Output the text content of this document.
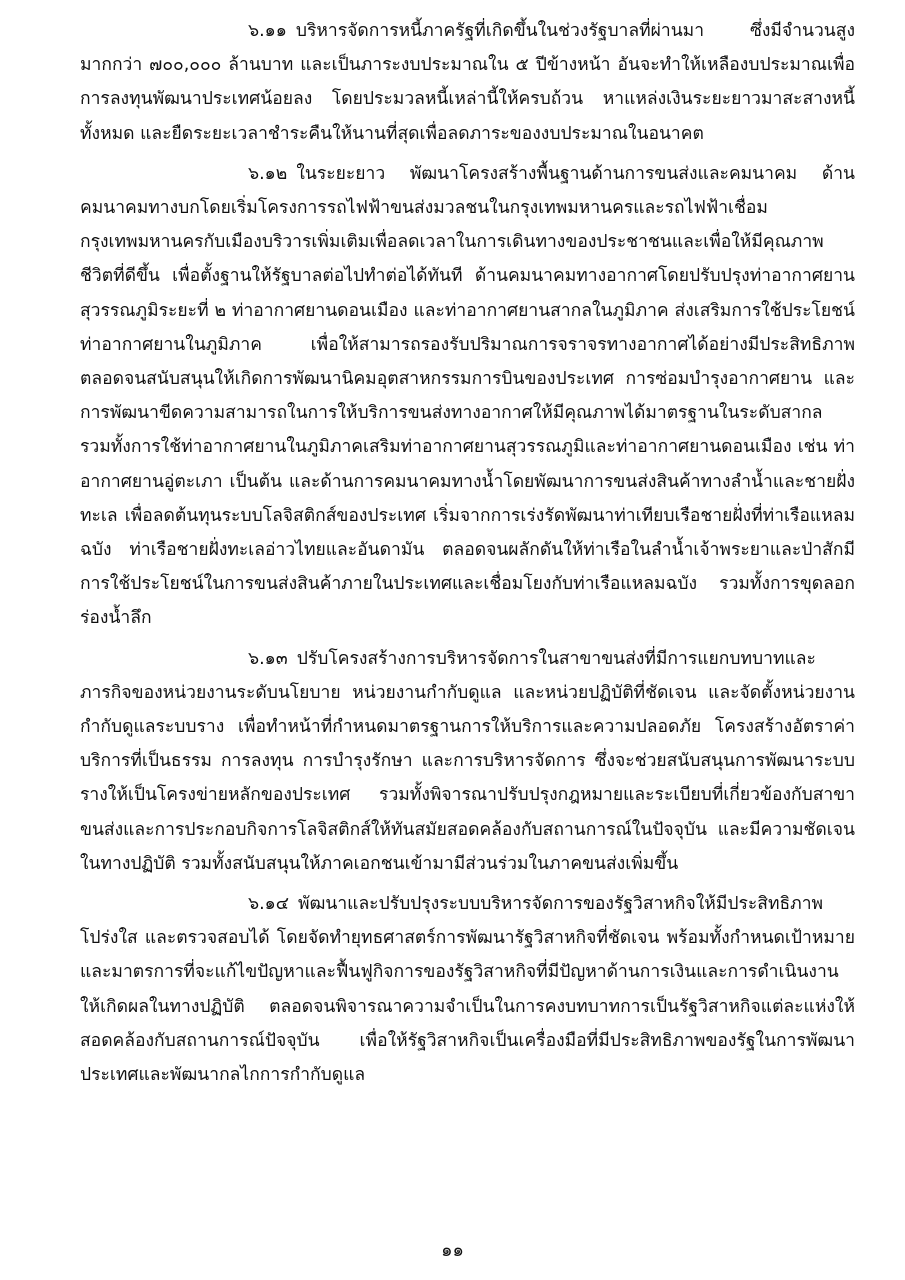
๖.๑๑ บริหารจัดการหนี้ภาครัฐที่เกิดขึ้นในช่วงรัฐบาลที่ผ่านมา ซึ่งมีจำนวนสูงมากกว่า ๗๐๐,๐๐๐ ล้านบาท และเป็นภาระงบประมาณใน ๕ ปีข้างหน้า อันจะทำให้เหลืองบประมาณเพื่อการลงทุนพัฒนาประเทศน้อยลง โดยประมวลหนี้เหล่านี้ให้ครบถ้วน หาแหล่งเงินระยะยาวมาสะสางหนี้ทั้งหมด และยืดระยะเวลาชำระคืนให้นานที่สุดเพื่อลดภาระของงบประมาณในอนาคต

๖.๑๒ ในระยะยาว พัฒนาโครงสร้างพื้นฐานด้านการขนส่งและคมนาคม ด้านคมนาคมทางบกโดยเริ่มโครงการรถไฟฟ้าขนส่งมวลชนในกรุงเทพมหานครและรถไฟฟ้าเชื่อมกรุงเทพมหานครกับเมืองบริวารเพิ่มเติมเพื่อลดเวลาในการเดินทางของประชาชนและเพื่อให้มีคุณภาพชีวิตที่ดีขึ้น เพื่อตั้งฐานให้รัฐบาลต่อไปทำต่อได้ทันที ด้านคมนาคมทางอากาศโดยปรับปรุงท่าอากาศยานสุวรรณภูมิระยะที่ ๒ ท่าอากาศยานดอนเมือง และท่าอากาศยานสากลในภูมิภาค ส่งเสริมการใช้ประโยชน์ท่าอากาศยานในภูมิภาค เพื่อให้สามารถรองรับปริมาณการจราจรทางอากาศได้อย่างมีประสิทธิภาพ ตลอดจนสนับสนุนให้เกิดการพัฒนานิคมอุตสาหกรรมการบินของประเทศ การซ่อมบำรุงอากาศยาน และการพัฒนาขีดความสามารถในการให้บริการขนส่งทางอากาศให้มีคุณภาพได้มาตรฐานในระดับสากล รวมทั้งการใช้ท่าอากาศยานในภูมิภาคเสริมท่าอากาศยานสุวรรณภูมิและท่าอากาศยานดอนเมือง เช่น ท่าอากาศยานอู่ตะเภา เป็นต้น และด้านการคมนาคมทางน้ำโดยพัฒนาการขนส่งสินค้าทางลำน้ำและชายฝั่งทะเล เพื่อลดต้นทุนระบบโลจิสติกส์ของประเทศ เริ่มจากการเร่งรัดพัฒนาท่าเทียบเรือชายฝั่งที่ท่าเรือแหลมฉบัง ท่าเรือชายฝั่งทะเลอ่าวไทยและอันดามัน ตลอดจนผลักดันให้ท่าเรือในลำน้ำเจ้าพระยาและป่าสักมีการใช้ประโยชน์ในการขนส่งสินค้าภายในประเทศและเชื่อมโยงกับท่าเรือแหลมฉบัง รวมทั้งการขุดลอกร่องน้ำลึก

๖.๑๓ ปรับโครงสร้างการบริหารจัดการในสาขาขนส่งที่มีการแยกบทบาทและภารกิจของหน่วยงานระดับนโยบาย หน่วยงานกำกับดูแล และหน่วยปฏิบัติที่ชัดเจน และจัดตั้งหน่วยงานกำกับดูแลระบบราง เพื่อทำหน้าที่กำหนดมาตรฐานการให้บริการและความปลอดภัย โครงสร้างอัตราค่าบริการที่เป็นธรรม การลงทุน การบำรุงรักษา และการบริหารจัดการ ซึ่งจะช่วยสนับสนุนการพัฒนาระบบรางให้เป็นโครงข่ายหลักของประเทศ รวมทั้งพิจารณาปรับปรุงกฎหมายและระเบียบที่เกี่ยวข้องกับสาขาขนส่งและการประกอบกิจการโลจิสติกส์ให้ทันสมัยสอดคล้องกับสถานการณ์ในปัจจุบัน และมีความชัดเจนในทางปฏิบัติ รวมทั้งสนับสนุนให้ภาคเอกชนเข้ามามีส่วนร่วมในภาคขนส่งเพิ่มขึ้น

๖.๑๔ พัฒนาและปรับปรุงระบบบริหารจัดการของรัฐวิสาหกิจให้มีประสิทธิภาพ โปร่งใส และตรวจสอบได้ โดยจัดทำยุทธศาสตร์การพัฒนารัฐวิสาหกิจที่ชัดเจน พร้อมทั้งกำหนดเป้าหมายและมาตรการที่จะแก้ไขปัญหาและฟื้นฟูกิจการของรัฐวิสาหกิจที่มีปัญหาด้านการเงินและการดำเนินงานให้เกิดผลในทางปฏิบัติ ตลอดจนพิจารณาความจำเป็นในการคงบทบาทการเป็นรัฐวิสาหกิจแต่ละแห่งให้สอดคล้องกับสถานการณ์ปัจจุบัน เพื่อให้รัฐวิสาหกิจเป็นเครื่องมือที่มีประสิทธิภาพของรัฐในการพัฒนาประเทศและพัฒนากลไกการกำกับดูแล

๑๑
